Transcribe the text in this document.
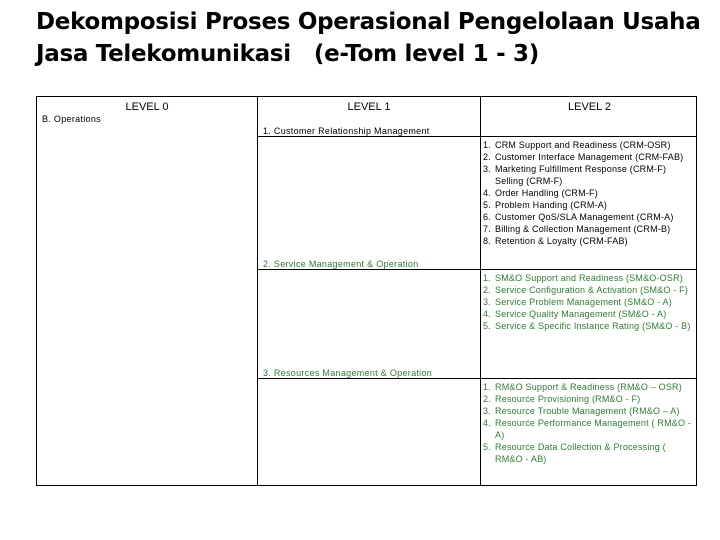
Dekomposisi Proses Operasional Pengelolaan Usaha
Jasa Telekomunikasi   (e-Tom level 1 - 3)
LEVEL 0	LEVEL 1	LEVEL 2
B. Operations
1. Customer Relationship Management
1. CRM Support and Readiness (CRM-OSR)
2. Customer Interface Management (CRM-FAB)
3. Marketing Fulfillment Response (CRM-F) Selling (CRM-F)
4. Order Handling (CRM-F)
5. Problem Handing (CRM-A)
6. Customer QoS/SLA Management (CRM-A)
7. Billing & Collection Management (CRM-B)
8. Retention & Loyalty (CRM-FAB)
2. Service Management & Operation
1. SM&O Support and Readiness (SM&O-OSR)
2. Service Configuration & Activation (SM&O - F)
3. Service Problem Management (SM&O - A)
4. Service Quality Management (SM&O - A)
5. Service & Specific Instance Rating (SM&O - B)
3. Resources Management & Operation
1. RM&O Support & Readiness (RM&O – OSR)
2. Resource Provisioning (RM&O - F)
3. Resource Trouble Management (RM&O – A)
4. Resource Performance Management ( RM&O - A)
5. Resource Data Collection & Processing ( RM&O - AB)
